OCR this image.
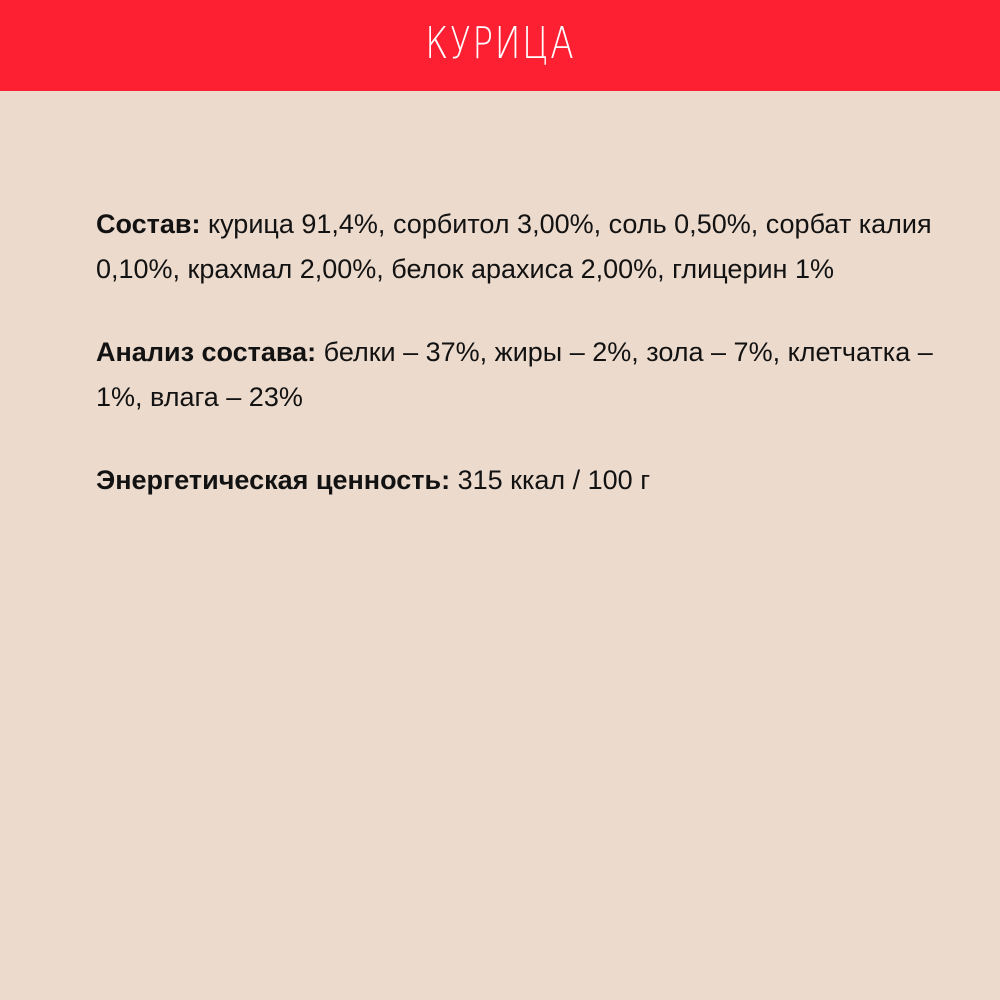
КУРИЦА

Состав: курица 91,4%, сорбитол 3,00%, соль 0,50%, сорбат калия 0,10%, крахмал 2,00%, белок арахиса 2,00%, глицерин 1%

Анализ состава: белки – 37%, жиры – 2%, зола – 7%, клетчатка – 1%, влага – 23%

Энергетическая ценность: 315 ккал / 100 г
